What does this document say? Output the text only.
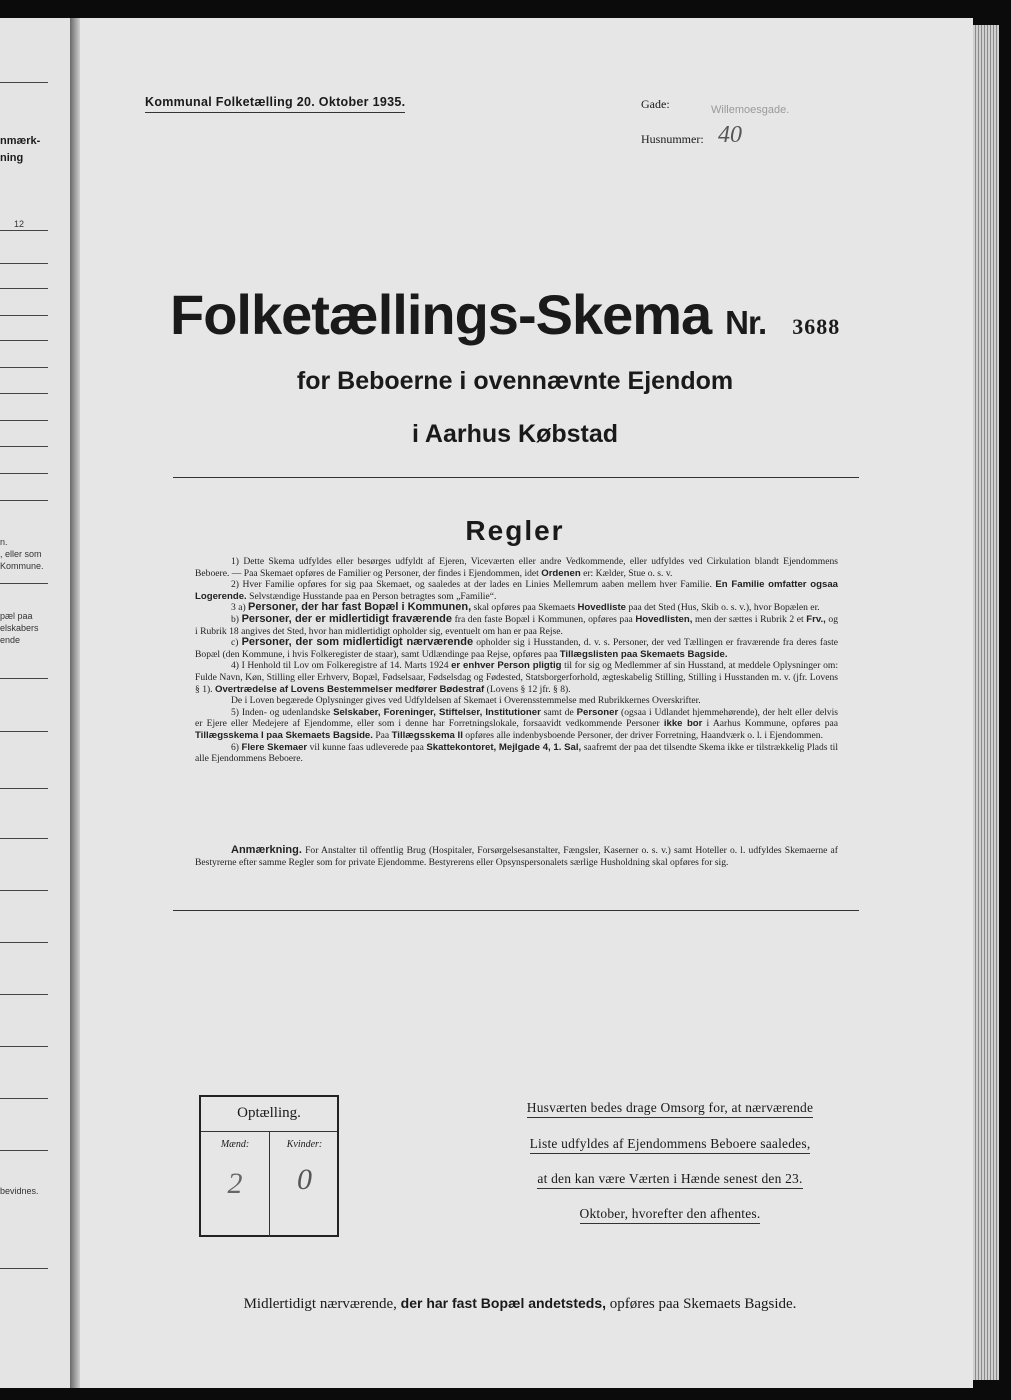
nmærk-
ning
12
n.
, eller som
Kommune.
pæl paa
elskabers
ende
bevidnes.
Kommunal Folketælling 20. Oktober 1935.	Gade:	Willemoesgade.
Husnummer: 40
Folketællings-Skema Nr. 3688
for Beboerne i ovennævnte Ejendom
i Aarhus Købstad
Regler

1) Dette Skema udfyldes eller besørges udfyldt af Ejeren, Viceværten eller andre Vedkommende, eller udfyldes ved Cirkulation blandt Ejendommens Beboere. — Paa Skemaet opføres de Familier og Personer, der findes i Ejendommen, idet Ordenen er: Kælder, Stue o. s. v.

2) Hver Familie opføres for sig paa Skemaet, og saaledes at der lades en Linies Mellemrum aaben mellem hver Familie. En Familie omfatter ogsaa Logerende. Selvstændige Husstande paa en Person betragtes som „Familie“.

3 a) Personer, der har fast Bopæl i Kommunen, skal opføres paa Skemaets Hovedliste paa det Sted (Hus, Skib o. s. v.), hvor Bopælen er.

b) Personer, der er midlertidigt fraværende fra den faste Bopæl i Kommunen, opføres paa Hovedlisten, men der sættes i Rubrik 2 et Frv., og i Rubrik 18 angives det Sted, hvor han midlertidigt opholder sig, eventuelt om han er paa Rejse.

c) Personer, der som midlertidigt nærværende opholder sig i Husstanden, d. v. s. Personer, der ved Tællingen er fraværende fra deres faste Bopæl (den Kommune, i hvis Folkeregister de staar), samt Udlændinge paa Rejse, opføres paa Tillægslisten paa Skemaets Bagside.

4) I Henhold til Lov om Folkeregistre af 14. Marts 1924 er enhver Person pligtig til for sig og Medlemmer af sin Husstand, at meddele Oplysninger om: Fulde Navn, Køn, Stilling eller Erhverv, Bopæl, Fødselsaar, Fødselsdag og Fødested, Statsborgerforhold, ægteskabelig Stilling, Stilling i Husstanden m. v. (jfr. Lovens § 1). Overtrædelse af Lovens Bestemmelser medfører Bødestraf (Lovens § 12 jfr. § 8).

De i Loven begærede Oplysninger gives ved Udfyldelsen af Skemaet i Overensstemmelse med Rubrikkernes Overskrifter.

5) Inden- og udenlandske Selskaber, Foreninger, Stiftelser, Institutioner samt de Personer (ogsaa i Udlandet hjemmehørende), der helt eller delvis er Ejere eller Medejere af Ejendomme, eller som i denne har Forretningslokale, forsaavidt vedkommende Personer ikke bor i Aarhus Kommune, opføres paa Tillægsskema I paa Skemaets Bagside. Paa Tillægsskema II opføres alle indenbysboende Personer, der driver Forretning, Haandværk o. l. i Ejendommen.

6) Flere Skemaer vil kunne faas udleverede paa Skattekontoret, Mejlgade 4, 1. Sal, saafremt der paa det tilsendte Skema ikke er tilstrækkelig Plads til alle Ejendommens Beboere.

Anmærkning. For Anstalter til offentlig Brug (Hospitaler, Forsørgelsesanstalter, Fængsler, Kaserner o. s. v.) samt Hoteller o. l. udfyldes Skemaerne af Bestyrerne efter samme Regler som for private Ejendomme. Bestyrerens eller Opsynspersonalets særlige Husholdning skal opføres for sig.
Optælling.
Mænd:	Kvinder:
2	0
Husværten bedes drage Omsorg for, at nærværende
Liste udfyldes af Ejendommens Beboere saaledes,
at den kan være Værten i Hænde senest den 23.
Oktober, hvorefter den afhentes.
Midlertidigt nærværende, der har fast Bopæl andetsteds, opføres paa Skemaets Bagside.
